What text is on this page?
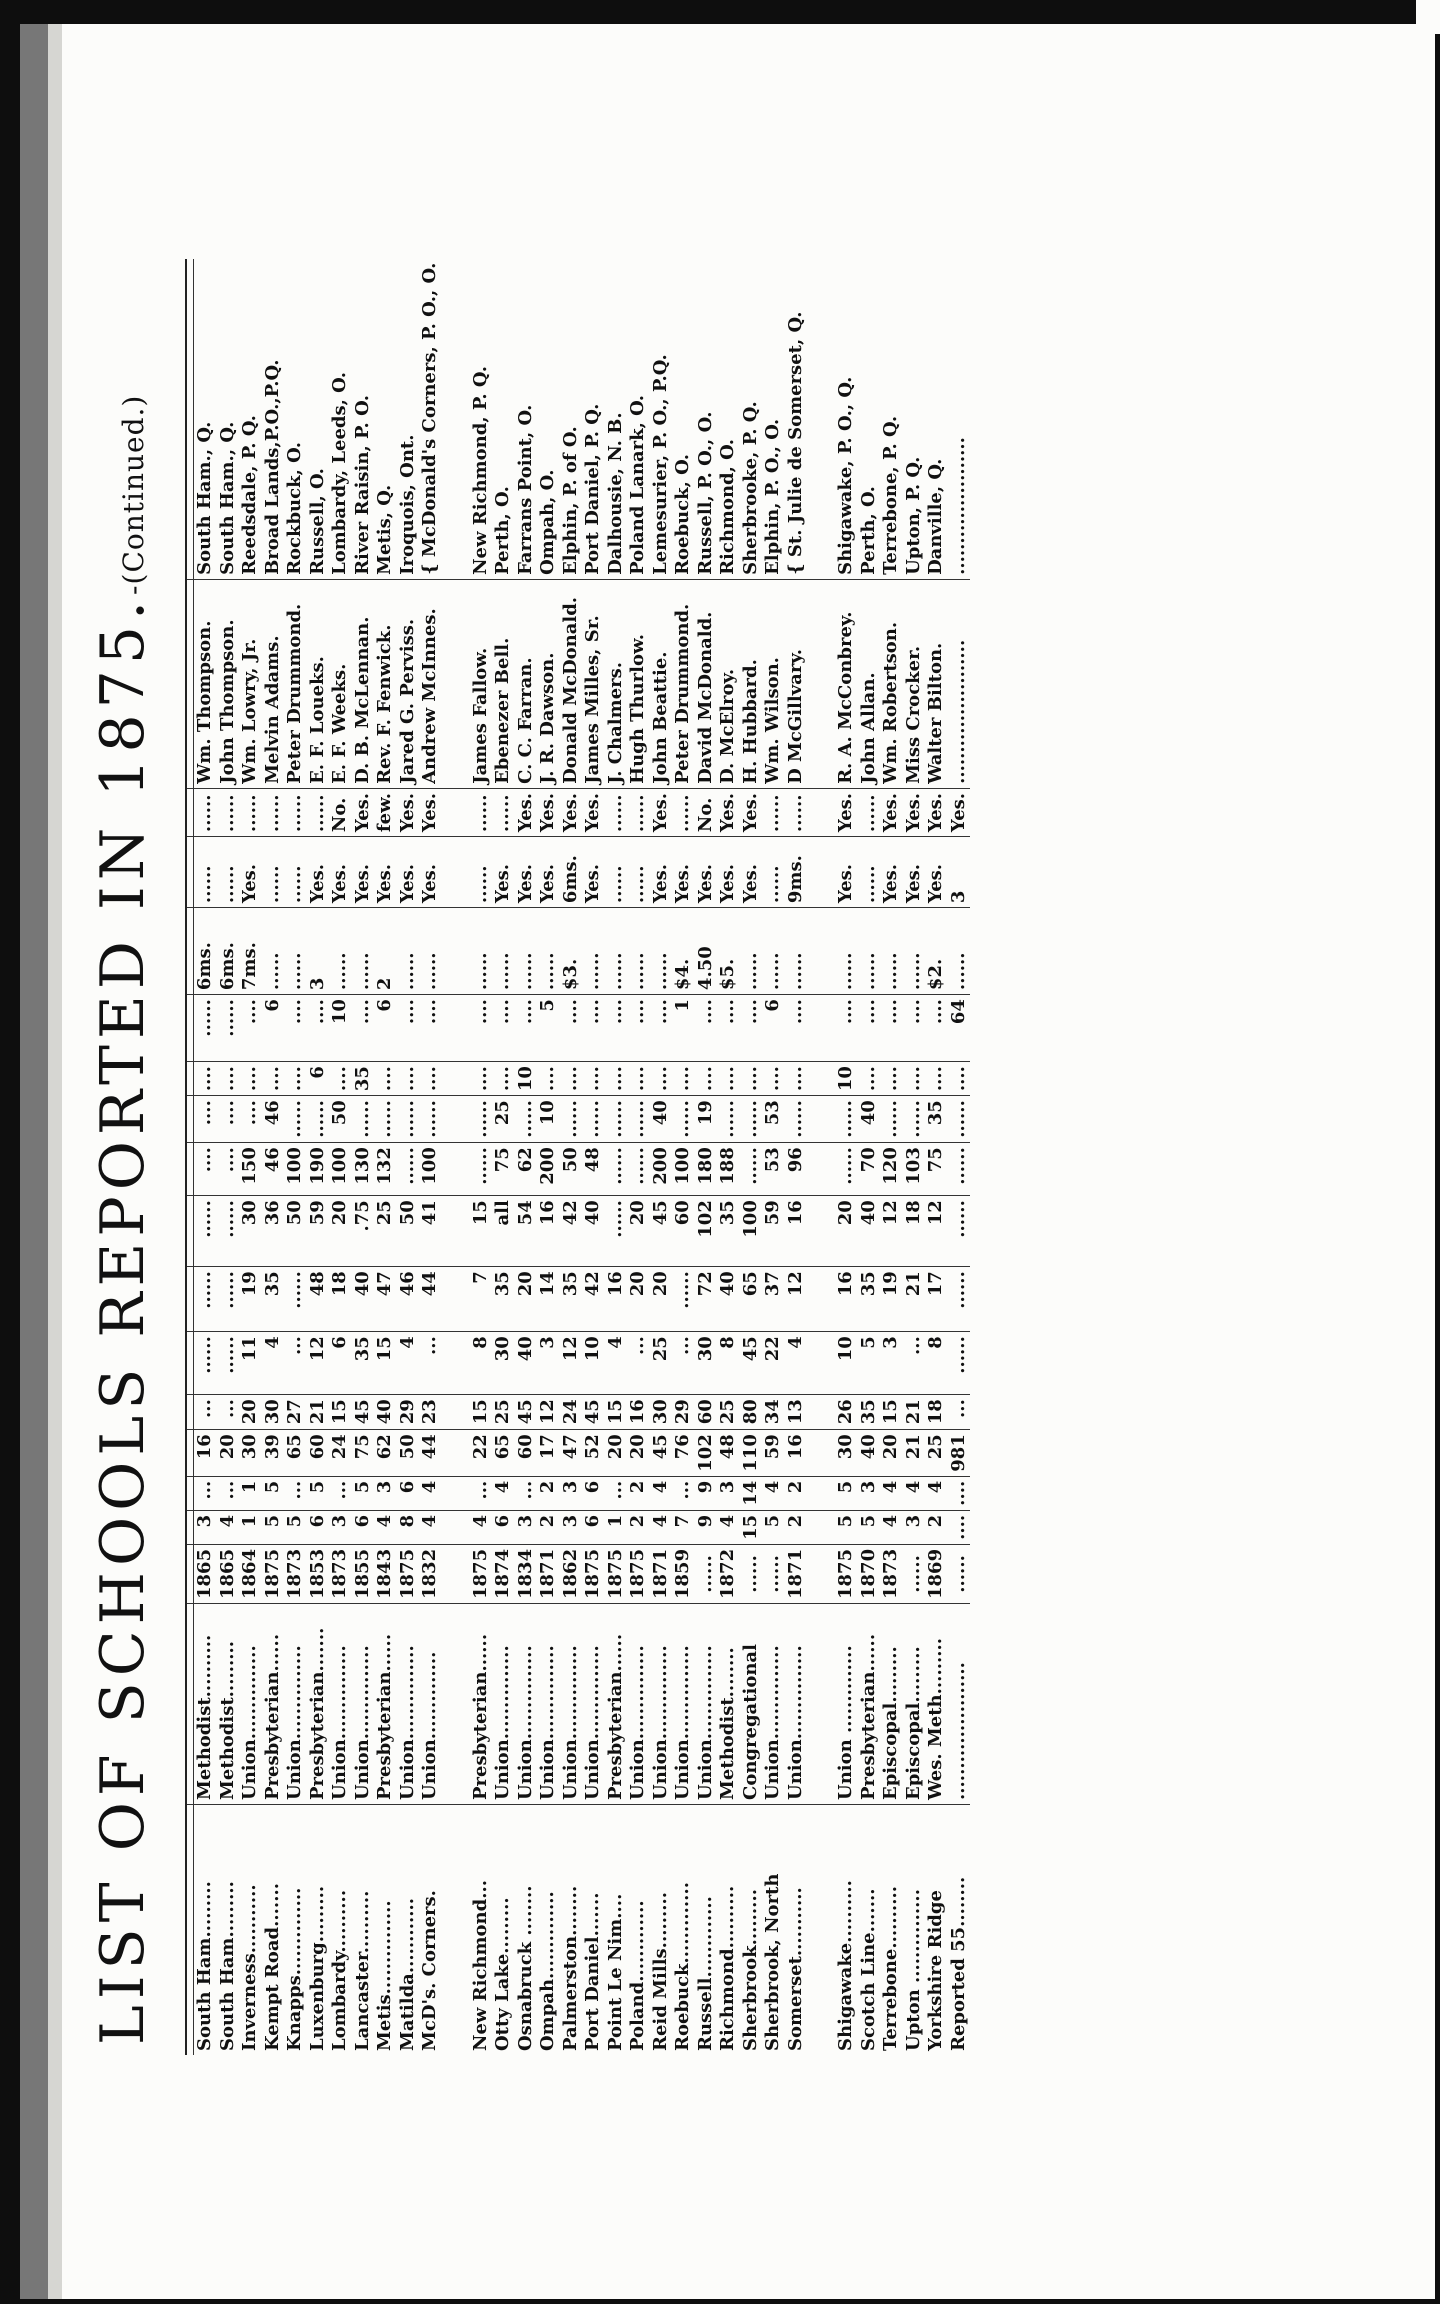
LIST OF SCHOOLS REPORTED IN 1875.-(Continued.)

South Ham.........	Methodist..........	1865	3	...	16	...	......	......	......	....	....	....	......	6ms.	......	......	Wm. Thompson.	South Ham., Q.
South Ham.........	Methodist.........	1865	4	...	20	...	......	......	......	....	....	....	......	6ms.	......	......	John Thompson.	South Ham., Q.
Inverness...........	Union...............	1864	1	1	30	20	11	19	30	150	....	....	....	7ms.	Yes.	......	Wm. Lowry, Jr.	Reedsdale, P. Q.
Kempt Road.......	Presbyterian......	1875	5	5	39	30	4	35	36	46	46	....	6	......	......	......	Melvin Adams.	Broad Lands,P.O.,P.Q.
Knapps..............	Union...............	1873	5	...	65	27	...	......	50	100	......	....	....	......	......	......	Peter Drummond.	Rockbuck, O.
Luxenburg.........	Presbyterian.......	1853	6	5	60	21	12	48	59	190	......	6	....	3	Yes.	......	E. F. Loueks.	Russell, O.
Lombardy..........	Union...............	1873	3	...	24	15	6	18	20	100	50	....	10	......	Yes.	No.	E. F. Weeks.	Lombardy, Leeds, O.
Lancaster..........	Union...............	1855	6	5	75	45	35	40	.75	130	......	35	....	......	Yes.	Yes.	D. B. McLennan.	River Raisin, P. O.
Metis...............	Presbyterian......	1843	4	3	62	40	15	47	25	132	......	....	6	2	Yes.	few.	Rev. F. Fenwick.	Metis, Q.
Matilda............	Union...............	1875	8	6	50	29	4	46	50	......	......	....	....	......	Yes.	Yes.	Jared G. Perviss.	Iroquois, Ont.
McD's. Corners.	Union..............	1832	4	4	44	23	...	44	41	100	......	....	....	......	Yes.	Yes.	Andrew McInnes.	{ McDonald's Corners, P. O., O.

New Richmond...	Presbyterian......	1875	4	...	22	15	8	7	15	......	......	....	....	......	......	......	James Fallow.	New Richmond, P. Q.
Otty Lake.........	Union...............	1874	6	4	65	25	30	35	all	75	25	....	....	......	Yes.	......	Ebenezer Bell.	Perth, O.
Osnabruck ........	Union...............	1834	3	...	60	45	40	20	54	62	......	10	....	......	Yes.	Yes.	C. C. Farran.	Farrans Point, O.
Ompah..............	Union...............	1871	2	2	17	12	3	14	16	200	10	....	5	......	Yes.	Yes.	J. R. Dawson.	Ompah, O.
Palmerston........	Union...............	1862	3	3	47	24	12	35	42	50	......	....	....	$3.	6ms.	Yes.	Donald McDonald.	Elphin, P. of O.
Port Daniel.......	Union...............	1875	6	6	52	45	10	42	40	48	......	....	....	......	Yes.	Yes.	James Milles, Sr.	Port Daniel, P. Q.
Point Le Nim....	Presbyterian......	1875	1	...	20	15	4	16	......	......	......	....	....	......	......	......	J. Chalmers.	Dalhousie, N. B.
Poland.............	Union...............	1875	2	2	20	16	...	20	20	......	......	....	....	......	......	......	Hugh Thurlow.	Poland Lanark, O.
Reid Mills.........	Union...............	1871	4	4	45	30	25	20	45	200	40	....	....	......	Yes.	Yes.	John Beattie.	Lemesurier, P. O., P.Q.
Roebuck.............	Union...............	1859	7	...	76	29	...	......	60	100	......	....	1	$4.	Yes.	......	Peter Drummond.	Roebuck, O.
Russell.............	Union...............	......	9	9	102	60	30	72	102	180	19	....	....	4.50	Yes.	No.	David McDonald.	Russell, P. O., O.
Richmond..........	Methodist........	1872	4	3	48	25	8	40	35	188	......	....	....	$5.	Yes.	Yes.	D. McElroy.	Richmond, O.
Sherbrook.........	Congregational	......	15	14	110	80	45	65	100	......	......	....	....	......	Yes.	Yes.	H. Hubbard.	Sherbrooke, P. Q.
Sherbrook, North	Union...............	......	5	4	59	34	22	37	59	53	53	....	6	......	......	......	Wm. Wilson.	Elphin, P. O., O.
Somerset...........	Union...............	1871	2	2	16	13	4	12	16	96	......	....	....	......	9ms.	......	D McGillvary.	{ St. Julie de Somerset, Q.

Shigawake..........	Union ..............	1875	5	5	30	26	10	16	20	......	......	10	....	......	Yes.	Yes.	R. A. McConbrey.	Shigawake, P. O., Q.
Scotch Line.......	Presbyterian......	1870	5	3	40	35	5	35	40	70	40	....	....	......	......	......	John Allan.	Perth, O.
Terrebone..........	Episcopal.........	1873	4	4	20	15	3	19	12	120	......	....	....	......	Yes.	Yes.	Wm. Robertson.	Terrebone, P. Q.
Upton ...............	Episcopal.........	......	3	4	21	21	...	21	18	103	......	....	....	......	Yes.	Yes.	Miss Crocker.	Upton, P. Q.
Yorkshire Ridge	Wes. Meth.........	1869	2	4	25	18	8	17	12	75	35	....	....	$2.	Yes.	Yes.	Walter Bilton.	Danville, Q.
Reported 55........	......................	......	....	....	981	...	......	......	......	......	......	....	64	......	3	Yes.	.......................	......................
